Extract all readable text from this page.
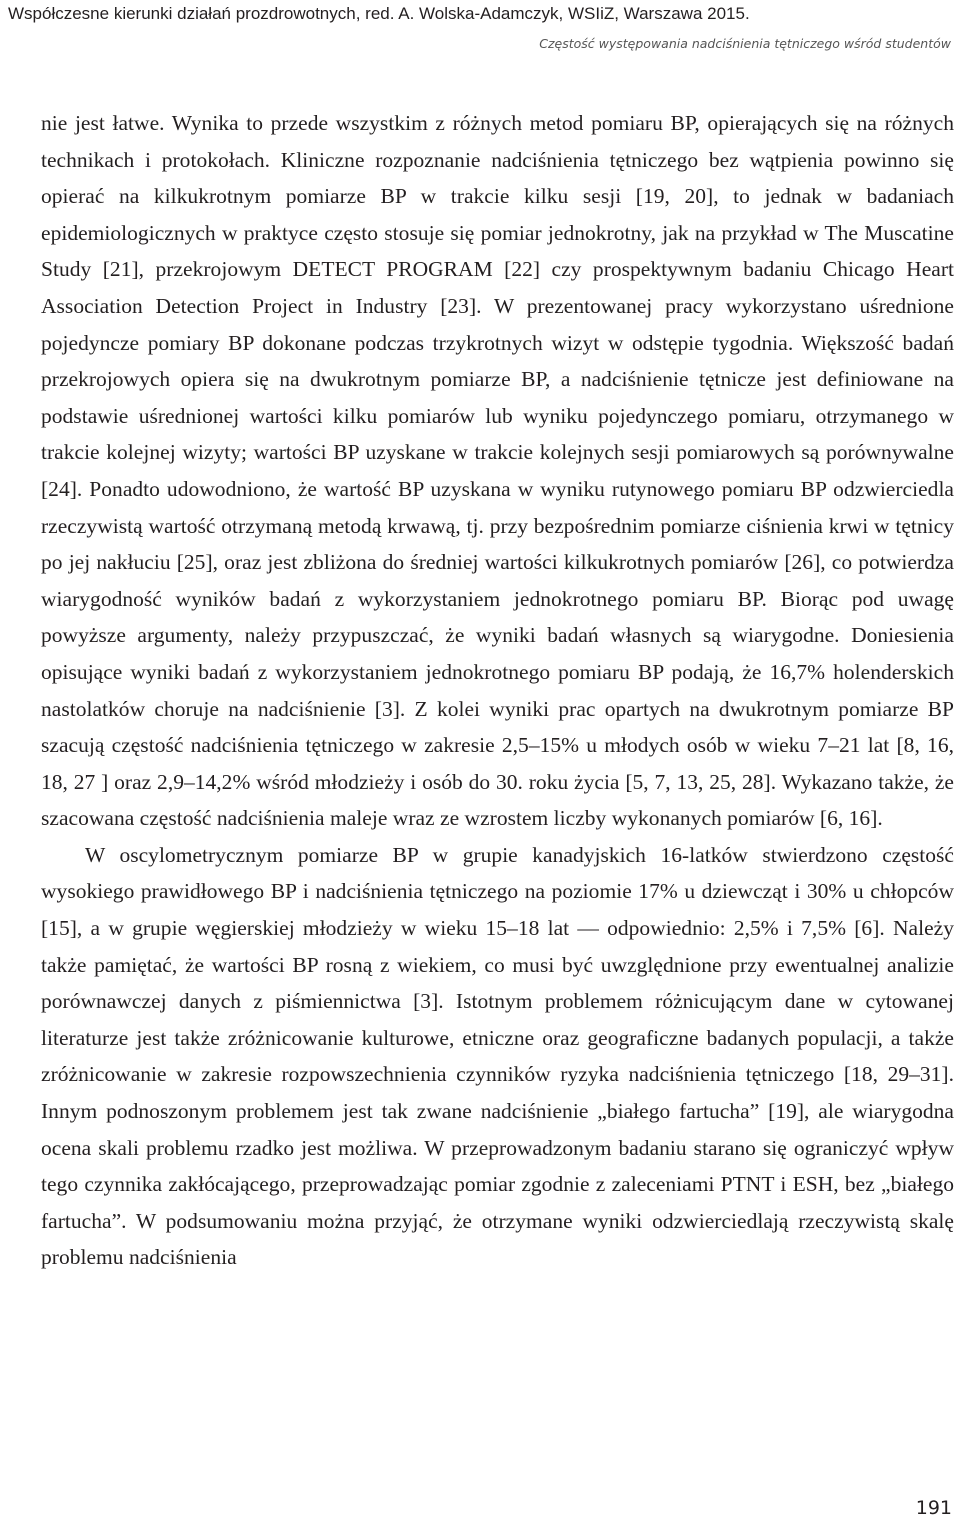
Współczesne kierunki działań prozdrowotnych, red. A. Wolska-Adamczyk, WSIiZ, Warszawa 2015.

Częstość występowania nadciśnienia tętniczego wśród studentów

nie jest łatwe. Wynika to przede wszystkim z różnych metod pomiaru BP, opierających się na różnych technikach i protokołach. Kliniczne rozpoznanie nadciśnienia tętniczego bez wątpienia powinno się opierać na kilkukrotnym pomiarze BP w trakcie kilku sesji [19, 20], to jednak w badaniach epidemiologicznych w praktyce często stosuje się pomiar jednokrotny, jak na przykład w The Muscatine Study [21], przekrojowym DETECT PROGRAM [22] czy prospektywnym badaniu Chicago Heart Association Detection Project in Industry [23]. W prezentowanej pracy wykorzystano uśrednione pojedyncze pomiary BP dokonane podczas trzykrotnych wizyt w odstępie tygodnia. Większość badań przekrojowych opiera się na dwukrotnym pomiarze BP, a nadciśnienie tętnicze jest definiowane na podstawie uśrednionej wartości kilku pomiarów lub wyniku pojedynczego pomiaru, otrzymanego w trakcie kolejnej wizyty; wartości BP uzyskane w trakcie kolejnych sesji pomiarowych są porównywalne [24]. Ponadto udowodniono, że wartość BP uzyskana w wyniku rutynowego pomiaru BP odzwierciedla rzeczywistą wartość otrzymaną metodą krwawą, tj. przy bezpośrednim pomiarze ciśnienia krwi w tętnicy po jej nakłuciu [25], oraz jest zbliżona do średniej wartości kilkukrotnych pomiarów [26], co potwierdza wiarygodność wyników badań z wykorzystaniem jednokrotnego pomiaru BP. Biorąc pod uwagę powyższe argumenty, należy przypuszczać, że wyniki badań własnych są wiarygodne. Doniesienia opisujące wyniki badań z wykorzystaniem jednokrotnego pomiaru BP podają, że 16,7% holenderskich nastolatków choruje na nadciśnienie [3]. Z kolei wyniki prac opartych na dwukrotnym pomiarze BP szacują częstość nadciśnienia tętniczego w zakresie 2,5–15% u młodych osób w wieku 7–21 lat [8, 16, 18, 27 ] oraz 2,9–14,2% wśród młodzieży i osób do 30. roku życia [5, 7, 13, 25, 28]. Wykazano także, że szacowana częstość nadciśnienia maleje wraz ze wzrostem liczby wykonanych pomiarów [6, 16].

W oscylometrycznym pomiarze BP w grupie kanadyjskich 16-latków stwierdzono częstość wysokiego prawidłowego BP i nadciśnienia tętniczego na poziomie 17% u dziewcząt i 30% u chłopców [15], a w grupie węgierskiej młodzieży w wieku 15–18 lat — odpowiednio: 2,5% i 7,5% [6]. Należy także pamiętać, że wartości BP rosną z wiekiem, co musi być uwzględnione przy ewentualnej analizie porównawczej danych z piśmiennictwa [3]. Istotnym problemem różnicującym dane w cytowanej literaturze jest także zróżnicowanie kulturowe, etniczne oraz geograficzne badanych populacji, a także zróżnicowanie w zakresie rozpowszechnienia czynników ryzyka nadciśnienia tętniczego [18, 29–31]. Innym podnoszonym problemem jest tak zwane nadciśnienie „białego fartucha” [19], ale wiarygodna ocena skali problemu rzadko jest możliwa. W przeprowadzonym badaniu starano się ograniczyć wpływ tego czynnika zakłócającego, przeprowadzając pomiar zgodnie z zaleceniami PTNT i ESH, bez „białego fartucha”. W podsumowaniu można przyjąć, że otrzymane wyniki odzwierciedlają rzeczywistą skalę problemu nadciśnienia

191
